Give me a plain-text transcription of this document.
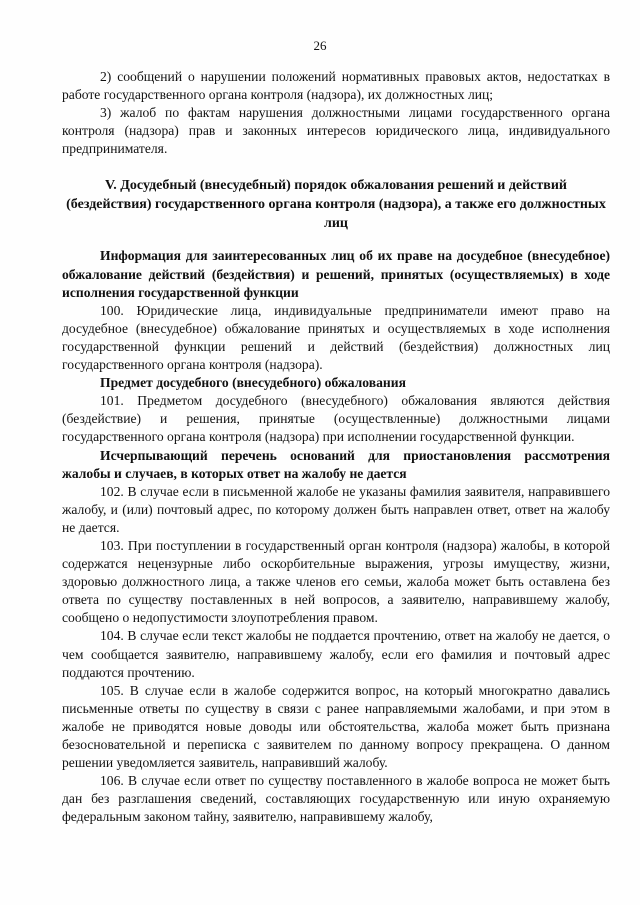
26

2) сообщений о нарушении положений нормативных правовых актов, недостатках в работе государственного органа контроля (надзора), их должностных лиц;

3) жалоб по фактам нарушения должностными лицами государственного органа контроля (надзора) прав и законных интересов юридического лица, индивидуального предпринимателя.

V. Досудебный (внесудебный) порядок обжалования решений и действий (бездействия) государственного органа контроля (надзора), а также его должностных лиц

Информация для заинтересованных лиц об их праве на досудебное (внесудебное) обжалование действий (бездействия) и решений, принятых (осуществляемых) в ходе исполнения государственной функции

100. Юридические лица, индивидуальные предприниматели имеют право на досудебное (внесудебное) обжалование принятых и осуществляемых в ходе исполнения государственной функции решений и действий (бездействия) должностных лиц государственного органа контроля (надзора).

Предмет досудебного (внесудебного) обжалования

101. Предметом досудебного (внесудебного) обжалования являются действия (бездействие) и решения, принятые (осуществленные) должностными лицами государственного органа контроля (надзора) при исполнении государственной функции.

Исчерпывающий перечень оснований для приостановления рассмотрения жалобы и случаев, в которых ответ на жалобу не дается

102. В случае если в письменной жалобе не указаны фамилия заявителя, направившего жалобу, и (или) почтовый адрес, по которому должен быть направлен ответ, ответ на жалобу не дается.

103. При поступлении в государственный орган контроля (надзора) жалобы, в которой содержатся нецензурные либо оскорбительные выражения, угрозы имуществу, жизни, здоровью должностного лица, а также членов его семьи, жалоба может быть оставлена без ответа по существу поставленных в ней вопросов, а заявителю, направившему жалобу, сообщено о недопустимости злоупотребления правом.

104. В случае если текст жалобы не поддается прочтению, ответ на жалобу не дается, о чем сообщается заявителю, направившему жалобу, если его фамилия и почтовый адрес поддаются прочтению.

105. В случае если в жалобе содержится вопрос, на который многократно давались письменные ответы по существу в связи с ранее направляемыми жалобами, и при этом в жалобе не приводятся новые доводы или обстоятельства, жалоба может быть признана безосновательной и переписка с заявителем по данному вопросу прекращена. О данном решении уведомляется заявитель, направивший жалобу.

106. В случае если ответ по существу поставленного в жалобе вопроса не может быть дан без разглашения сведений, составляющих государственную или иную охраняемую федеральным законом тайну, заявителю, направившему жалобу,
